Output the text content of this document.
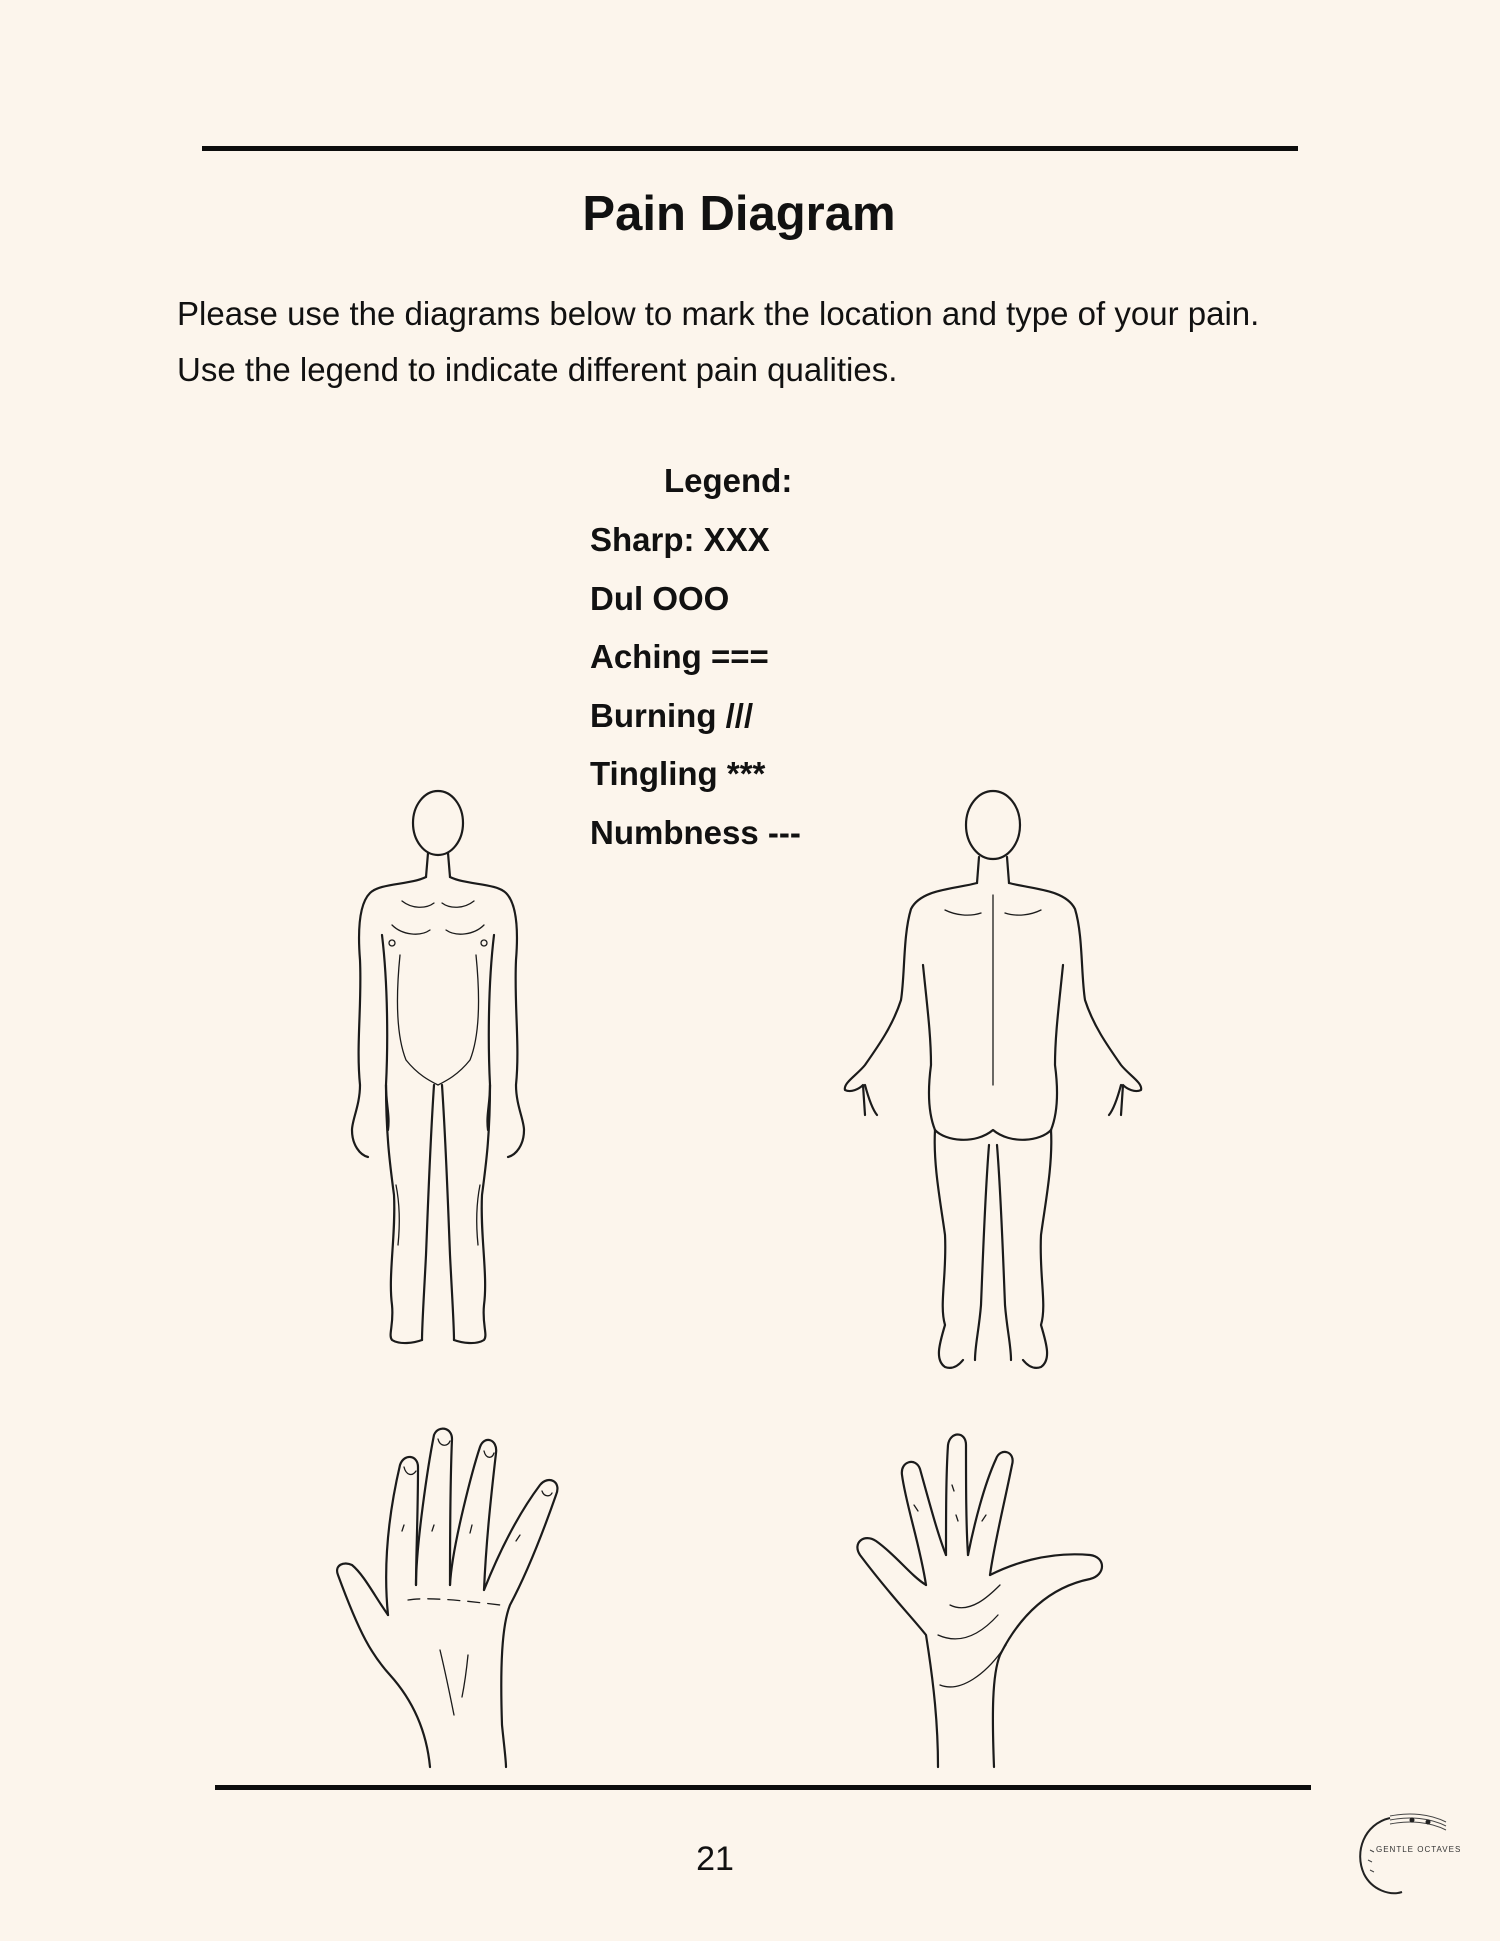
Pain Diagram
Please use the diagrams below to mark the location and type of your pain.
Use the legend to indicate different pain qualities.
Legend:
Sharp: XXX
Dul OOO
Aching ===
Burning ///
Tingling ***
Numbness ---
21	GENTLE OCTAVES
